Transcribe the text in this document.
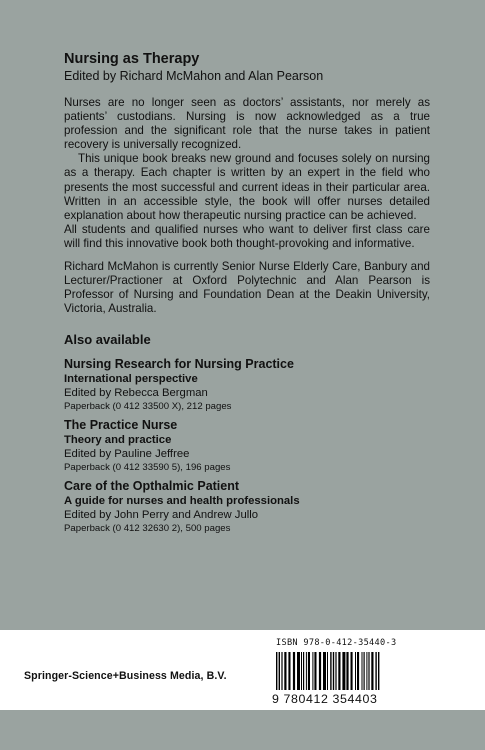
Nursing as Therapy

Edited by Richard McMahon and Alan Pearson

Nurses are no longer seen as doctors’ assistants, nor merely as patients’ custodians. Nursing is now acknowledged as a true profession and the significant role that the nurse takes in patient recovery is universally recognized.

This unique book breaks new ground and focuses solely on nursing as a therapy. Each chapter is written by an expert in the field who presents the most successful and current ideas in their particular area. Written in an accessible style, the book will offer nurses detailed explanation about how therapeutic nursing practice can be achieved.

All students and qualified nurses who want to deliver first class care will find this innovative book both thought-provoking and informative.

Richard McMahon is currently Senior Nurse Elderly Care, Banbury and Lecturer/Practioner at Oxford Polytechnic and Alan Pearson is Professor of Nursing and Foundation Dean at the Deakin University, Victoria, Australia.

Also available
Nursing Research for Nursing Practice
International perspective
Edited by Rebecca Bergman
Paperback (0 412 33500 X), 212 pages
The Practice Nurse
Theory and practice
Edited by Pauline Jeffree
Paperback (0 412 33590 5), 196 pages
Care of the Opthalmic Patient
A guide for nurses and health professionals
Edited by John Perry and Andrew Jullo
Paperback (0 412 32630 2), 500 pages
Springer-Science+Business Media, B.V.
ISBN 978-0-412-35440-3
9 780412 354403
